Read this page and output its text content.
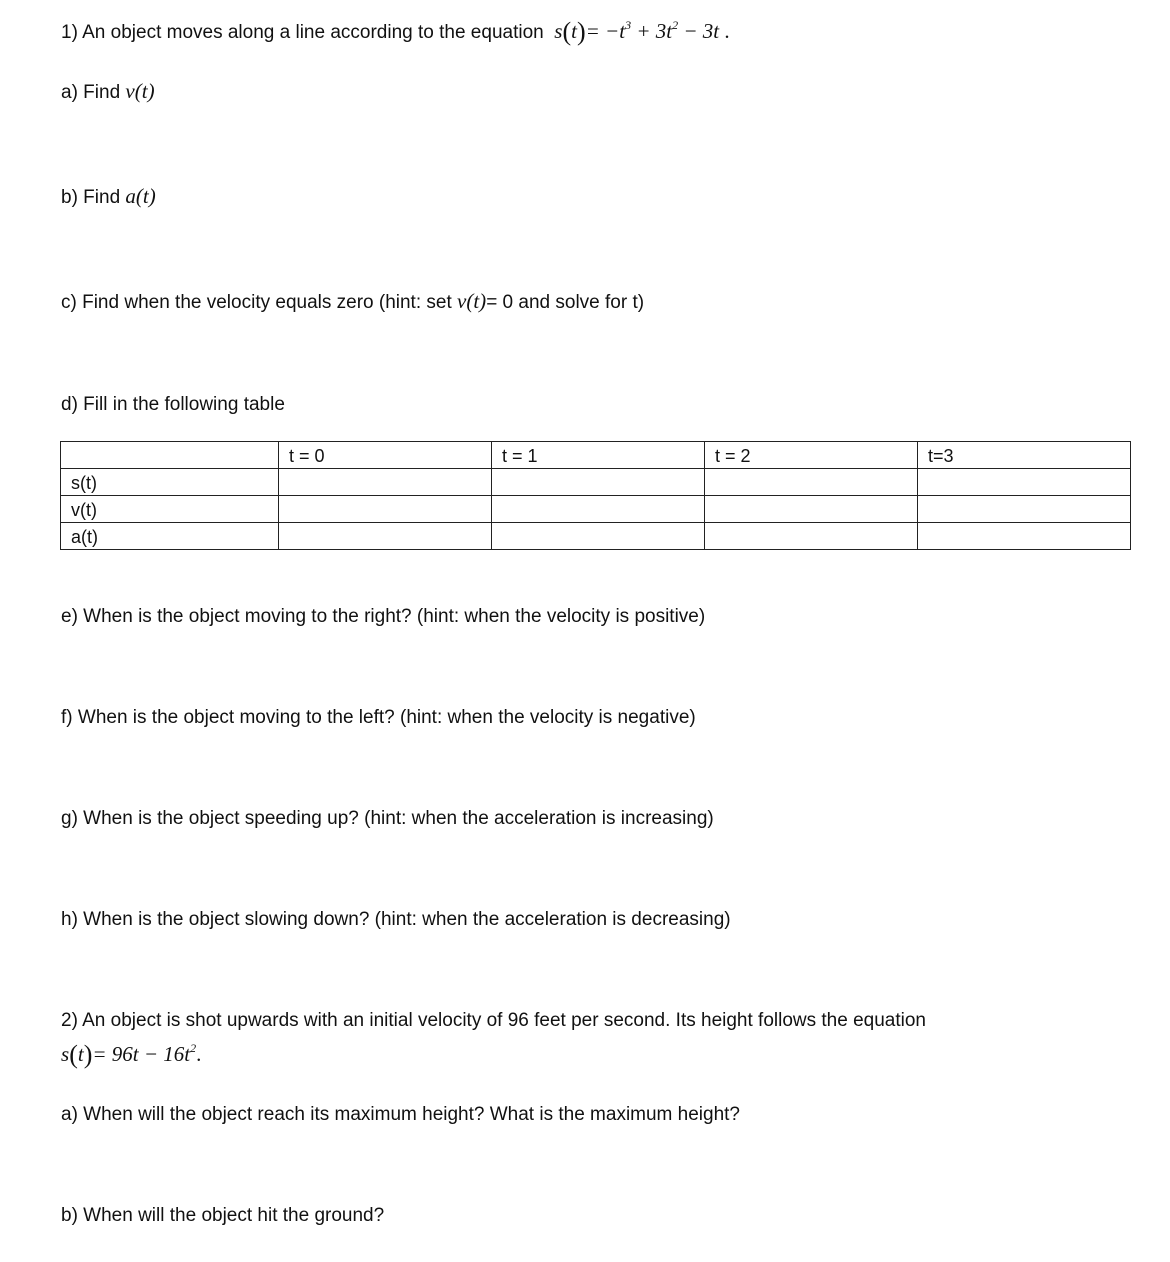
1) An object moves along a line according to the equation $s(t)= -t^3 + 3t^2 - 3t$ .
a) Find v(t)
b) Find a(t)
c) Find when the velocity equals zero (hint: set v(t)= 0 and solve for t)
d) Fill in the following table
	t = 0	t = 1	t = 2	t=3
s(t)				
v(t)				
a(t)				
e) When is the object moving to the right? (hint: when the velocity is positive)
f) When is the object moving to the left? (hint: when the velocity is negative)
g) When is the object speeding up? (hint: when the acceleration is increasing)
h) When is the object slowing down? (hint: when the acceleration is decreasing)
2) An object is shot upwards with an initial velocity of 96 feet per second. Its height follows the equation
$s(t)= 96t - 16t^2$.
a) When will the object reach its maximum height? What is the maximum height?
b) When will the object hit the ground?
